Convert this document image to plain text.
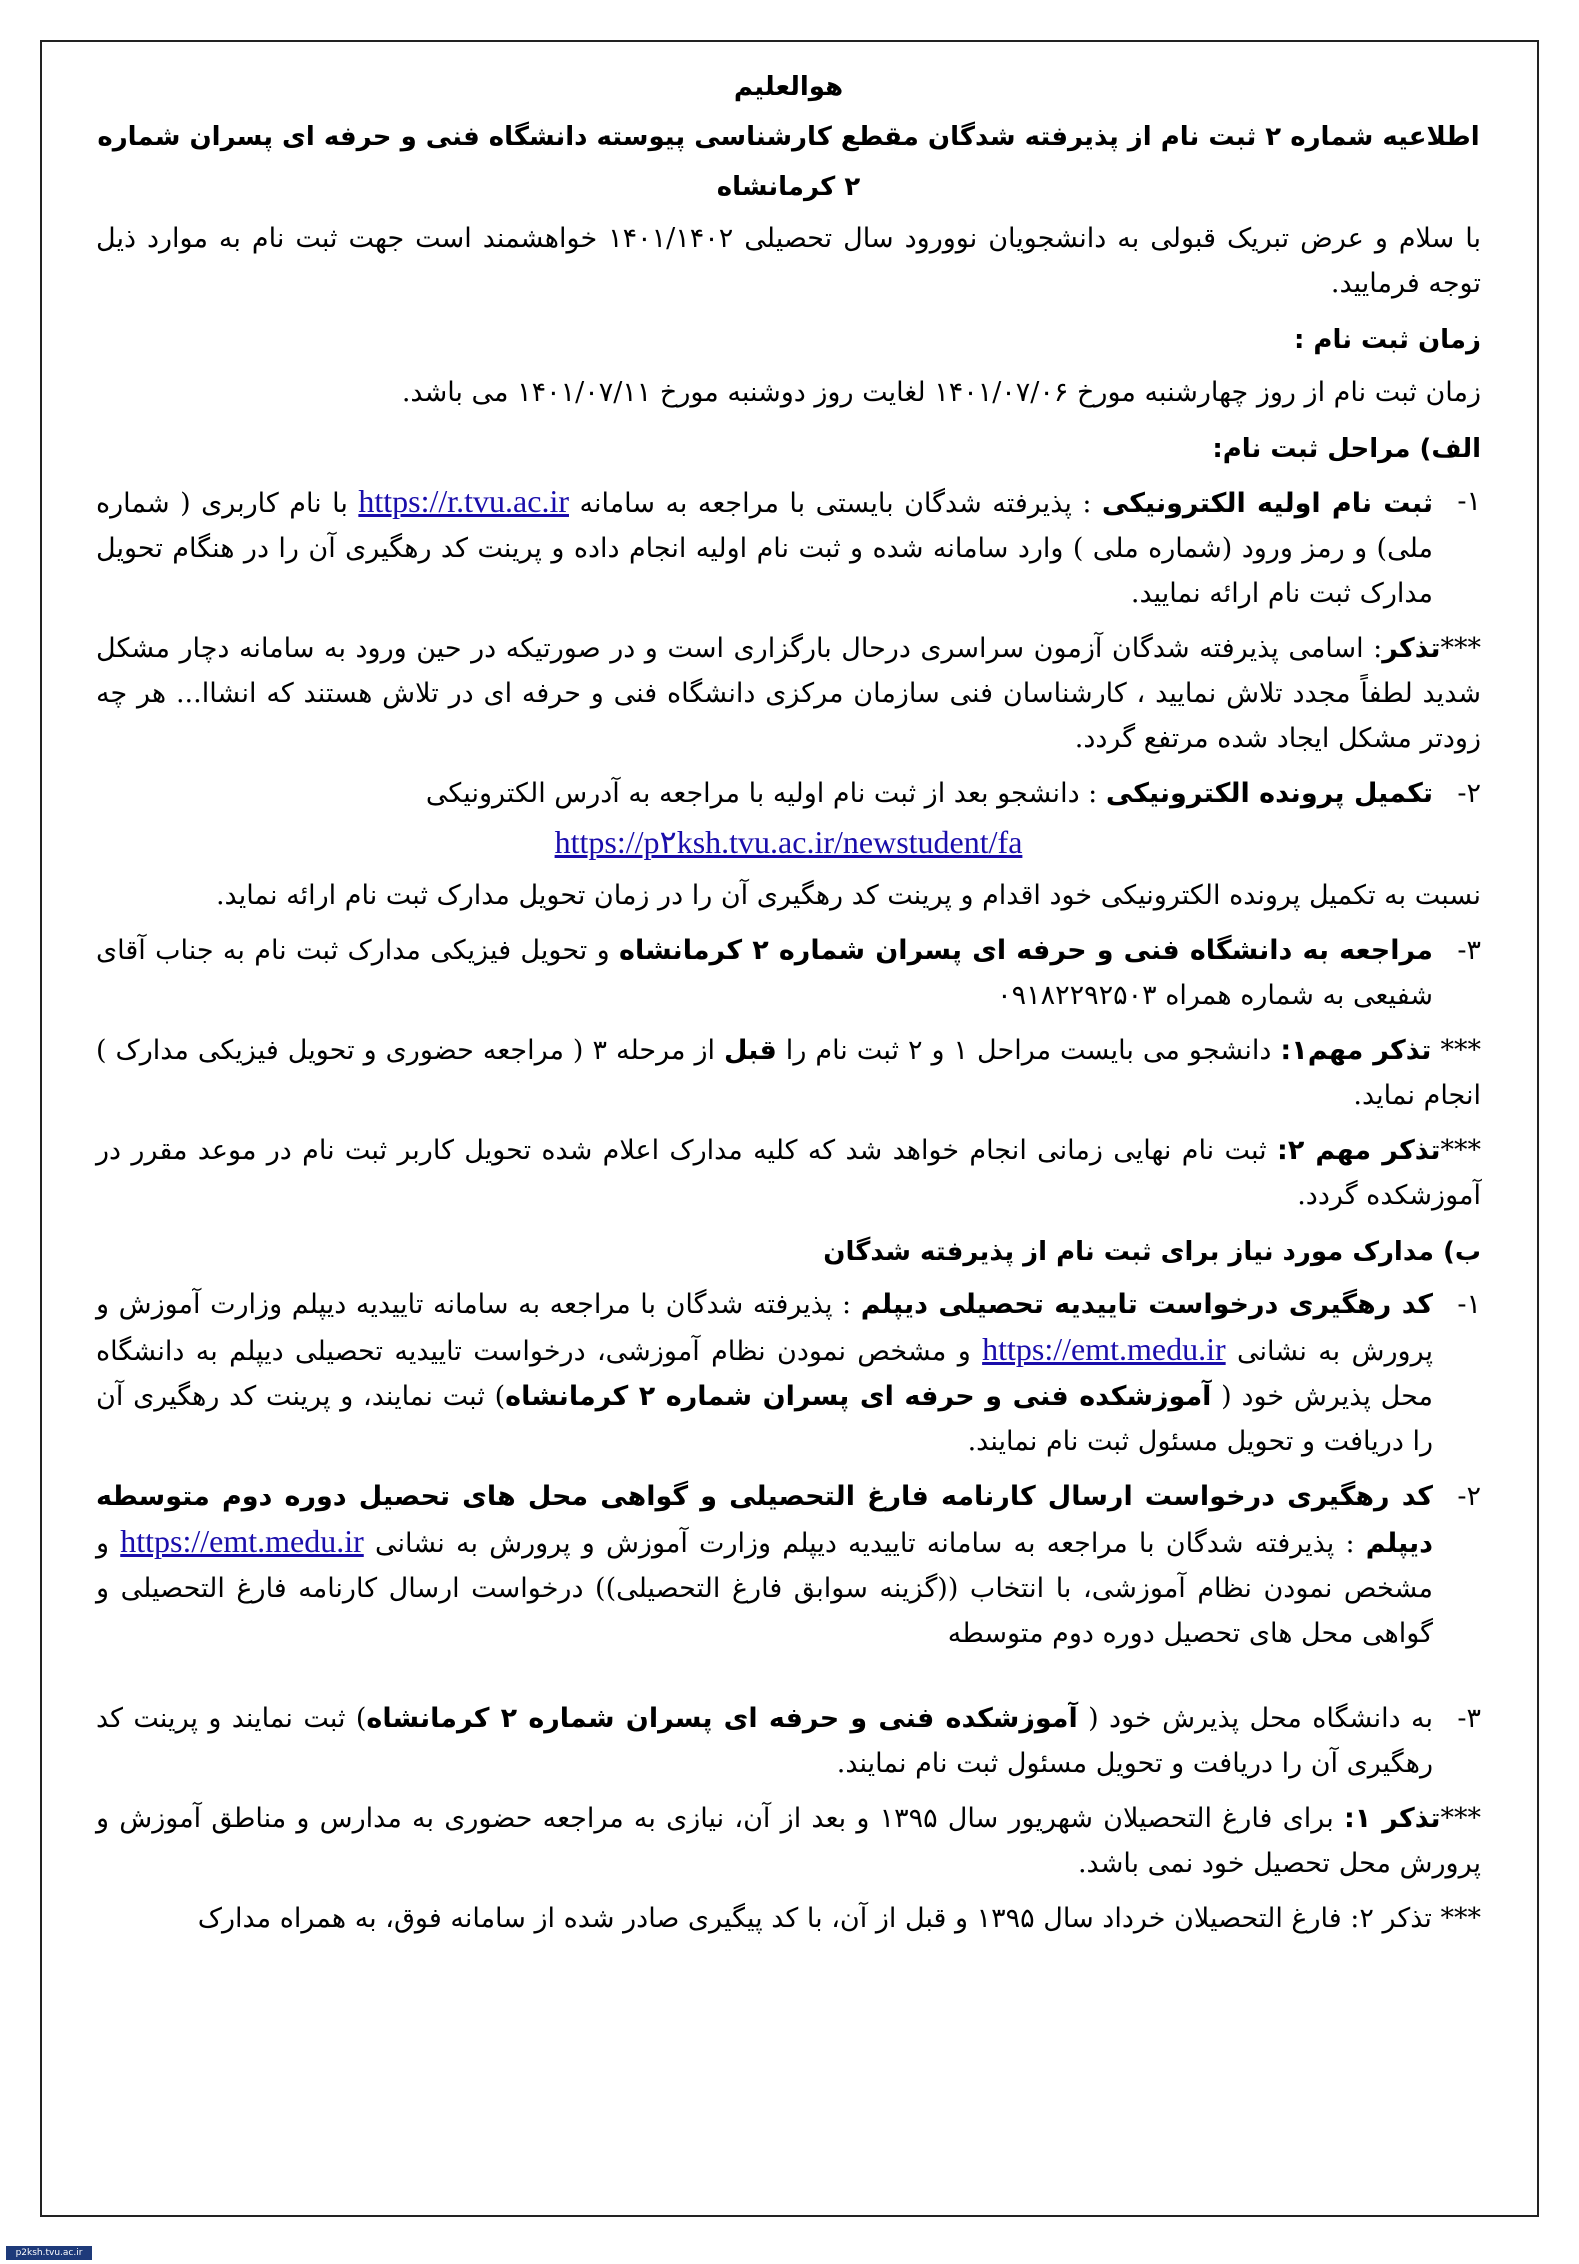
هوالعلیم
اطلاعیه شماره ۲ ثبت نام از پذیرفته شدگان مقطع کارشناسی پیوسته دانشگاه فنی و حرفه ای پسران شماره ۲ کرمانشاه
با سلام و عرض تبریک قبولی به دانشجویان نوورود سال تحصیلی ۱۴۰۱/۱۴۰۲ خواهشمند است جهت ثبت نام به موارد ذیل توجه فرمایید.
زمان ثبت نام :
زمان ثبت نام از روز چهارشنبه مورخ ۱۴۰۱/۰۷/۰۶ لغایت روز دوشنبه مورخ ۱۴۰۱/۰۷/۱۱ می باشد.
الف) مراحل ثبت نام:
۱-
ثبت نام اولیه الکترونیکی : پذیرفته شدگان بایستی با مراجعه به سامانه https://r.tvu.ac.ir با نام کاربری ( شماره ملی) و رمز ورود (شماره ملی ) وارد سامانه شده و ثبت نام اولیه انجام داده و پرینت کد رهگیری آن را در هنگام تحویل مدارک ثبت نام ارائه نمایید.
***تذکر: اسامی پذیرفته شدگان آزمون سراسری درحال بارگزاری است و در صورتیکه در حین ورود به سامانه دچار مشکل شدید لطفاً مجدد تلاش نمایید ، کارشناسان فنی سازمان مرکزی دانشگاه فنی و حرفه ای در تلاش هستند که انشاا... هر چه زودتر مشکل ایجاد شده مرتفع گردد.
۲-
تکمیل پرونده الکترونیکی : دانشجو بعد از ثبت نام اولیه با مراجعه به آدرس الکترونیکی
https://p۲ksh.tvu.ac.ir/newstudent/fa
نسبت به تکمیل پرونده الکترونیکی خود اقدام و پرینت کد رهگیری آن را در زمان تحویل مدارک ثبت نام ارائه نماید.
۳-
مراجعه به دانشگاه فنی و حرفه ای پسران شماره ۲ کرمانشاه و تحویل فیزیکی مدارک ثبت نام به جناب آقای شفیعی به شماره همراه ۰۹۱۸۲۲۹۲۵۰۳
*** تذکر مهم۱: دانشجو می بایست مراحل ۱ و ۲ ثبت نام را قبل از مرحله ۳ ( مراجعه حضوری و تحویل فیزیکی مدارک ) انجام نماید.
***تذکر مهم ۲: ثبت نام نهایی زمانی انجام خواهد شد که کلیه مدارک اعلام شده تحویل کاربر ثبت نام در موعد مقرر در آموزشکده گردد.
ب) مدارک مورد نیاز برای ثبت نام از پذیرفته شدگان
۱-
کد رهگیری درخواست تاییدیه تحصیلی دیپلم : پذیرفته شدگان با مراجعه به سامانه تاییدیه دیپلم وزارت آموزش و پرورش به نشانی https://emt.medu.ir و مشخص نمودن نظام آموزشی، درخواست تاییدیه تحصیلی دیپلم به دانشگاه محل پذیرش خود ( آموزشکده فنی و حرفه ای پسران شماره ۲ کرمانشاه) ثبت نمایند، و پرینت کد رهگیری آن را دریافت و تحویل مسئول ثبت نام نمایند.
۲-
کد رهگیری درخواست ارسال کارنامه فارغ التحصیلی و گواهی محل های تحصیل دوره دوم متوسطه دیپلم : پذیرفته شدگان با مراجعه به سامانه تاییدیه دیپلم وزارت آموزش و پرورش به نشانی https://emt.medu.ir و مشخص نمودن نظام آموزشی، با انتخاب ((گزینه سوابق فارغ التحصیلی)) درخواست ارسال کارنامه فارغ التحصیلی و گواهی محل های تحصیل دوره دوم متوسطه
۳-
به دانشگاه محل پذیرش خود ( آموزشکده فنی و حرفه ای پسران شماره ۲ کرمانشاه) ثبت نمایند و پرینت کد رهگیری آن را دریافت و تحویل مسئول ثبت نام نمایند.
***تذکر ۱: برای فارغ التحصیلان شهریور سال ۱۳۹۵ و بعد از آن، نیازی به مراجعه حضوری به مدارس و مناطق آموزش و پرورش محل تحصیل خود نمی باشد.
*** تذکر ۲: فارغ التحصیلان خرداد سال ۱۳۹۵ و قبل از آن، با کد پیگیری صادر شده از سامانه فوق، به همراه مدارک
p2ksh.tvu.ac.ir
